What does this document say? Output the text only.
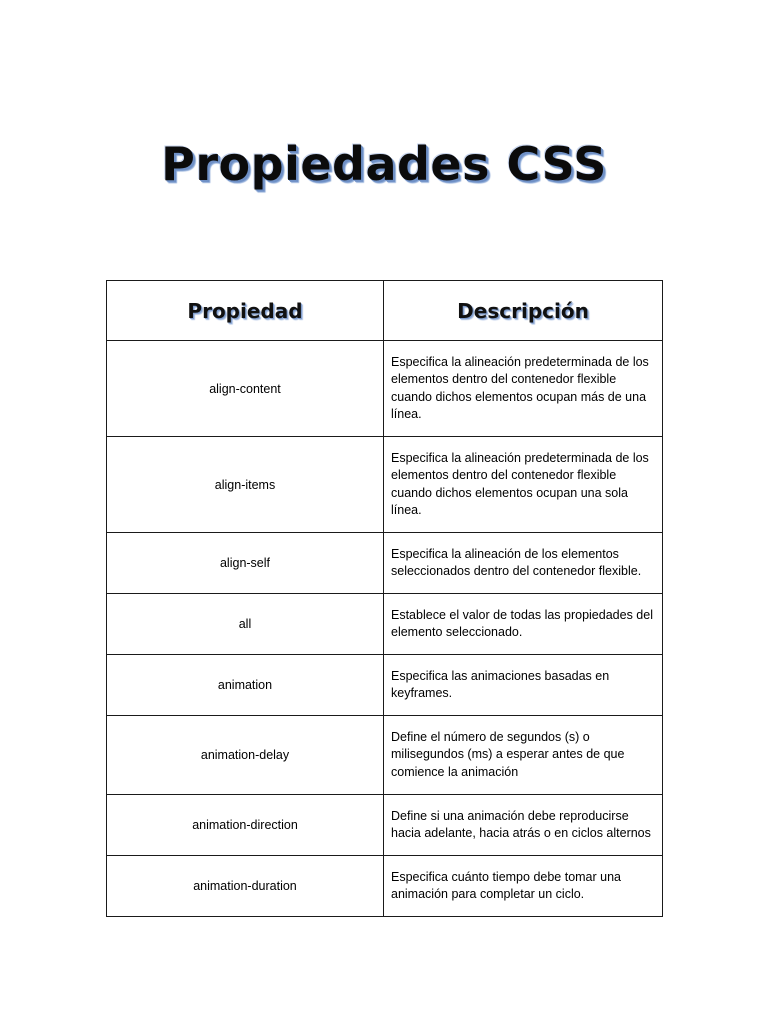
Propiedades CSS
Propiedad	Descripción
align-content	Especifica la alineación predeterminada de los elementos dentro del contenedor flexible cuando dichos elementos ocupan más de una línea.
align-items	Especifica la alineación predeterminada de los elementos dentro del contenedor flexible cuando dichos elementos ocupan una sola línea.
align-self	Especifica la alineación de los elementos seleccionados dentro del contenedor flexible.
all	Establece el valor de todas las propiedades del elemento seleccionado.
animation	Especifica las animaciones basadas en keyframes.
animation-delay	Define el número de segundos (s) o milisegundos (ms) a esperar antes de que comience la animación
animation-direction	Define si una animación debe reproducirse hacia adelante, hacia atrás o en ciclos alternos
animation-duration	Especifica cuánto tiempo debe tomar una animación para completar un ciclo.
